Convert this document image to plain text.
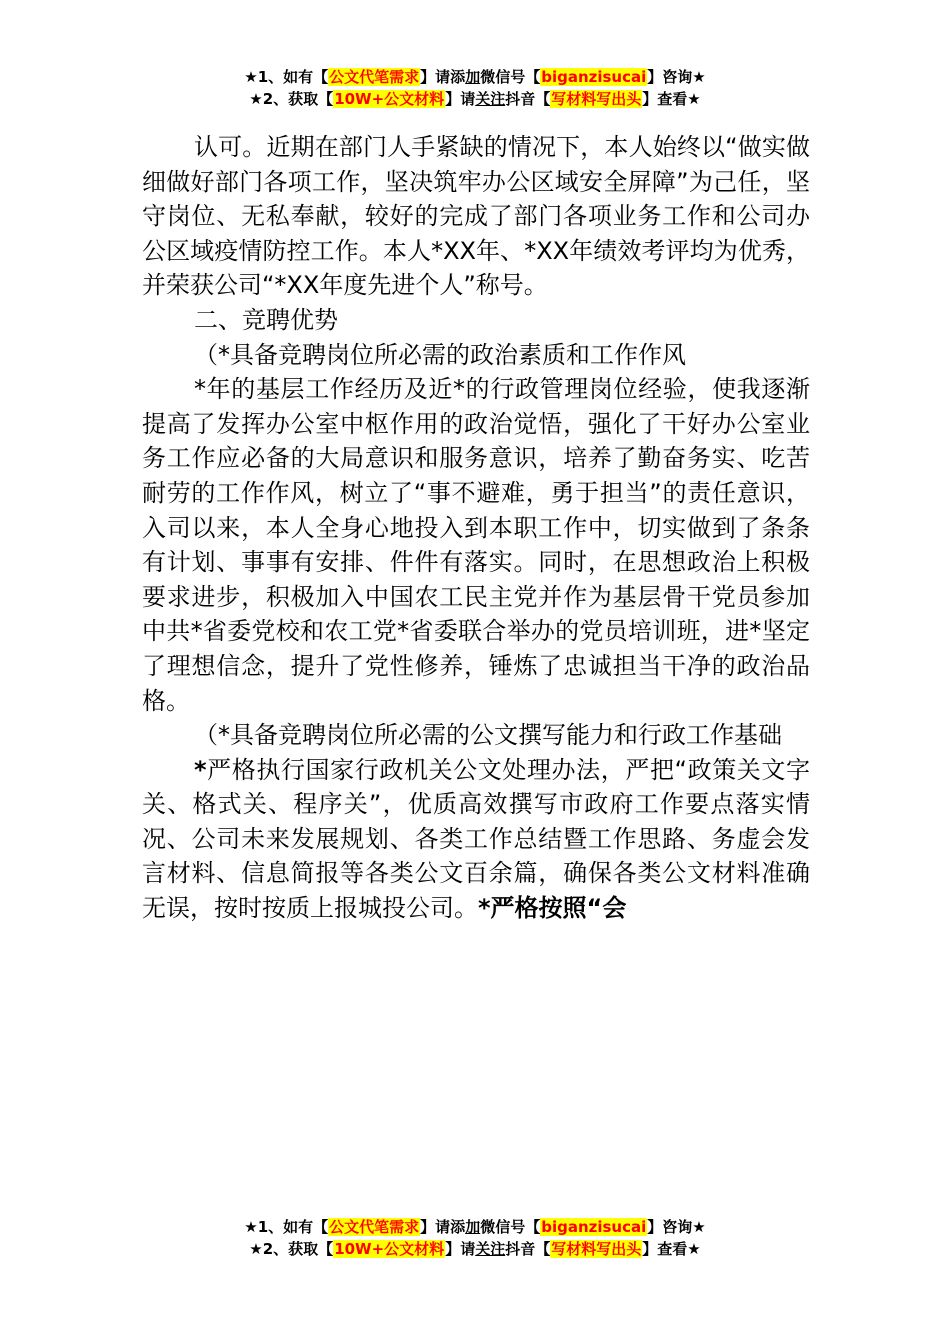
★1、如有【公文代笔需求】请添加微信号【biganzisucai】咨询★
★2、获取【10W+公文材料】请关注抖音【写材料写出头】查看★

认可。近期在部门人手紧缺的情况下，本人始终以“做实做细做好部门各项工作，坚决筑牢办公区域安全屏障”为己任，坚守岗位、无私奉献，较好的完成了部门各项业务工作和公司办公区域疫情防控工作。本人*XX年、*XX年绩效考评均为优秀，并荣获公司“*XX年度先进个人”称号。

二、竞聘优势

（*具备竞聘岗位所必需的政治素质和工作作风

*年的基层工作经历及近*的行政管理岗位经验，使我逐渐提高了发挥办公室中枢作用的政治觉悟，强化了干好办公室业务工作应必备的大局意识和服务意识，培养了勤奋务实、吃苦耐劳的工作作风，树立了“事不避难，勇于担当”的责任意识，入司以来，本人全身心地投入到本职工作中，切实做到了条条有计划、事事有安排、件件有落实。同时，在思想政治上积极要求进步，积极加入中国农工民主党并作为基层骨干党员参加中共*省委党校和农工党*省委联合举办的党员培训班，进*坚定了理想信念，提升了党性修养，锤炼了忠诚担当干净的政治品格。

（*具备竞聘岗位所必需的公文撰写能力和行政工作基础

*严格执行国家行政机关公文处理办法，严把“政策关文字关、格式关、程序关”，优质高效撰写市政府工作要点落实情况、公司未来发展规划、各类工作总结暨工作思路、务虚会发言材料、信息简报等各类公文百余篇，确保各类公文材料准确无误，按时按质上报城投公司。*严格按照“会

★1、如有【公文代笔需求】请添加微信号【biganzisucai】咨询★
★2、获取【10W+公文材料】请关注抖音【写材料写出头】查看★
